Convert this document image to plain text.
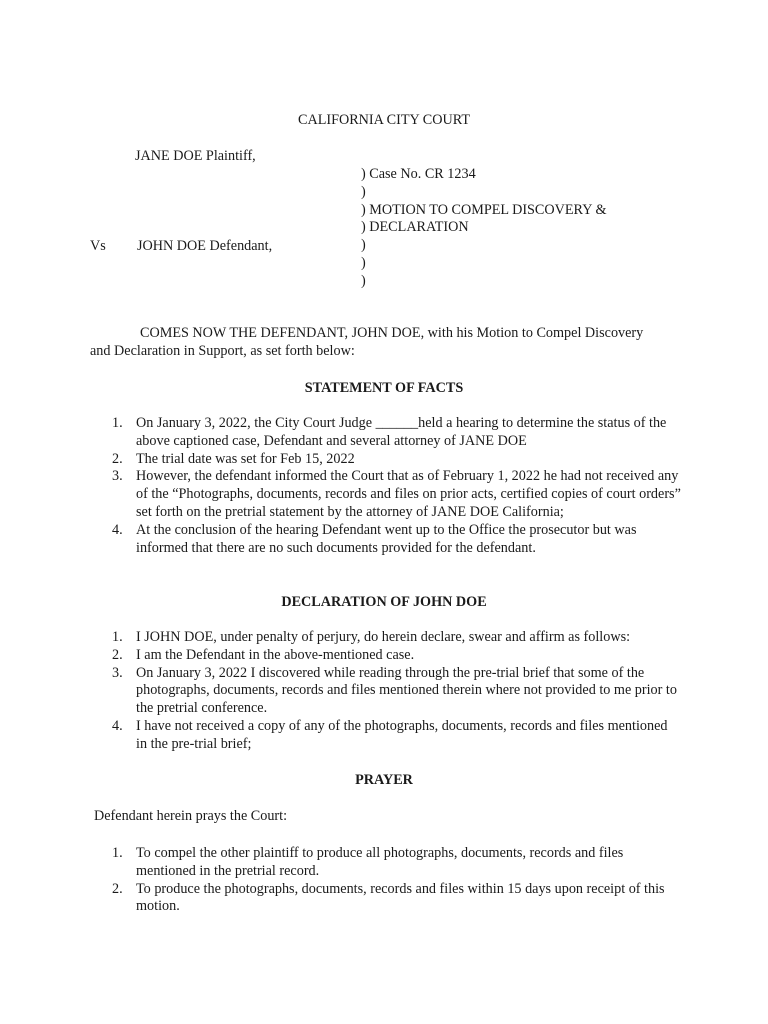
CALIFORNIA CITY COURT
JANE DOE Plaintiff,
Vs JOHN DOE Defendant,
) Case No. CR 1234
)
) MOTION TO COMPEL DISCOVERY &
) DECLARATION
)
)
)
COMES NOW THE DEFENDANT, JOHN DOE, with his Motion to Compel Discovery
and Declaration in Support, as set forth below:
STATEMENT OF FACTS
1. On January 3, 2022, the City Court Judge ______held a hearing to determine the status of the above captioned case, Defendant and several attorney of JANE DOE
2. The trial date was set for Feb 15, 2022
3. However, the defendant informed the Court that as of February 1, 2022 he had not received any of the “Photographs, documents, records and files on prior acts, certified copies of court orders” set forth on the pretrial statement by the attorney of JANE DOE California;
4. At the conclusion of the hearing Defendant went up to the Office the prosecutor but was informed that there are no such documents provided for the defendant.
DECLARATION OF JOHN DOE
1. I JOHN DOE, under penalty of perjury, do herein declare, swear and affirm as follows:
2. I am the Defendant in the above-mentioned case.
3. On January 3, 2022 I discovered while reading through the pre-trial brief that some of the photographs, documents, records and files mentioned therein where not provided to me prior to the pretrial conference.
4. I have not received a copy of any of the photographs, documents, records and files mentioned in the pre-trial brief;
PRAYER
Defendant herein prays the Court:
1. To compel the other plaintiff to produce all photographs, documents, records and files mentioned in the pretrial record.
2. To produce the photographs, documents, records and files within 15 days upon receipt of this motion.
